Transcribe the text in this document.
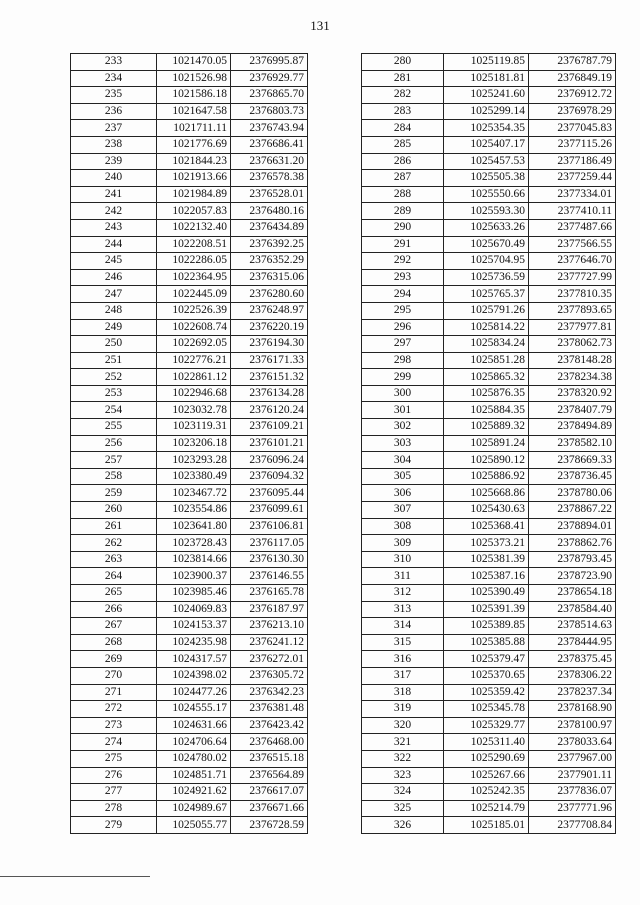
131
233	1021470.05	2376995.87
234	1021526.98	2376929.77
235	1021586.18	2376865.70
236	1021647.58	2376803.73
237	1021711.11	2376743.94
238	1021776.69	2376686.41
239	1021844.23	2376631.20
240	1021913.66	2376578.38
241	1021984.89	2376528.01
242	1022057.83	2376480.16
243	1022132.40	2376434.89
244	1022208.51	2376392.25
245	1022286.05	2376352.29
246	1022364.95	2376315.06
247	1022445.09	2376280.60
248	1022526.39	2376248.97
249	1022608.74	2376220.19
250	1022692.05	2376194.30
251	1022776.21	2376171.33
252	1022861.12	2376151.32
253	1022946.68	2376134.28
254	1023032.78	2376120.24
255	1023119.31	2376109.21
256	1023206.18	2376101.21
257	1023293.28	2376096.24
258	1023380.49	2376094.32
259	1023467.72	2376095.44
260	1023554.86	2376099.61
261	1023641.80	2376106.81
262	1023728.43	2376117.05
263	1023814.66	2376130.30
264	1023900.37	2376146.55
265	1023985.46	2376165.78
266	1024069.83	2376187.97
267	1024153.37	2376213.10
268	1024235.98	2376241.12
269	1024317.57	2376272.01
270	1024398.02	2376305.72
271	1024477.26	2376342.23
272	1024555.17	2376381.48
273	1024631.66	2376423.42
274	1024706.64	2376468.00
275	1024780.02	2376515.18
276	1024851.71	2376564.89
277	1024921.62	2376617.07
278	1024989.67	2376671.66
279	1025055.77	2376728.59
280	1025119.85	2376787.79
281	1025181.81	2376849.19
282	1025241.60	2376912.72
283	1025299.14	2376978.29
284	1025354.35	2377045.83
285	1025407.17	2377115.26
286	1025457.53	2377186.49
287	1025505.38	2377259.44
288	1025550.66	2377334.01
289	1025593.30	2377410.11
290	1025633.26	2377487.66
291	1025670.49	2377566.55
292	1025704.95	2377646.70
293	1025736.59	2377727.99
294	1025765.37	2377810.35
295	1025791.26	2377893.65
296	1025814.22	2377977.81
297	1025834.24	2378062.73
298	1025851.28	2378148.28
299	1025865.32	2378234.38
300	1025876.35	2378320.92
301	1025884.35	2378407.79
302	1025889.32	2378494.89
303	1025891.24	2378582.10
304	1025890.12	2378669.33
305	1025886.92	2378736.45
306	1025668.86	2378780.06
307	1025430.63	2378867.22
308	1025368.41	2378894.01
309	1025373.21	2378862.76
310	1025381.39	2378793.45
311	1025387.16	2378723.90
312	1025390.49	2378654.18
313	1025391.39	2378584.40
314	1025389.85	2378514.63
315	1025385.88	2378444.95
316	1025379.47	2378375.45
317	1025370.65	2378306.22
318	1025359.42	2378237.34
319	1025345.78	2378168.90
320	1025329.77	2378100.97
321	1025311.40	2378033.64
322	1025290.69	2377967.00
323	1025267.66	2377901.11
324	1025242.35	2377836.07
325	1025214.79	2377771.96
326	1025185.01	2377708.84
